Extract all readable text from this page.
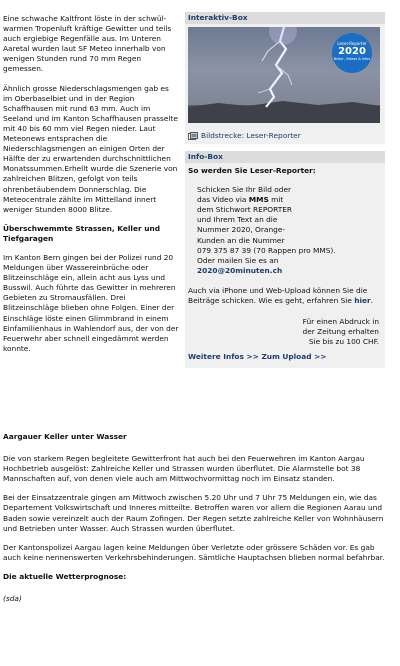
Eine schwache Kaltfront löste in der schwül-warmen Tropenluft kräftige Gewitter und teils auch ergiebige Regenfälle aus. Im Unteren Aaretal wurden laut SF Meteo innerhalb von wenigen Stunden rund 70 mm Regen gemessen.

Ähnlich grosse Niederschlagsmengen gab es im Oberbaselbiet und in der Region Schaffhausen mit rund 63 mm. Auch im Seeland und im Kanton Schaffhausen prasselte mit 40 bis 60 mm viel Regen nieder. Laut Meteonews entsprachen die Niederschlagsmengen an einigen Orten der Hälfte der zu erwartenden durchschnittlichen Monatssummen.Erhellt wurde die Szenerie von zahlreichen Blitzen, gefolgt von teils ohrenbetäubendem Donnerschlag. Die Meteocentrale zählte im Mittelland innert weniger Stunden 8000 Blitze.

Überschwemmte Strassen, Keller und Tiefgaragen

Im Kanton Bern gingen bei der Polizei rund 20 Meldungen über Wassereinbrüche oder Blitzeinschläge ein, allein acht aus Lyss und Busswil. Auch führte das Gewitter in mehreren Gebieten zu Stromausfällen. Drei Blitzeinschläge blieben ohne Folgen. Einer der Einschläge löste einen Glimmbrand in einem Einfamilienhaus in Wahlendorf aus, der von der Feuerwehr aber schnell eingedämmt werden konnte.

Interaktiv-Box
Leser-Reporter
2020
Bilder, Videos & Infos
Bildstrecke: Leser-Reporter
Info-Box

So werden Sie Leser-Reporter:

Schicken Sie Ihr Bild oder

das Video via MMS mit

dem Stichwort REPORTER

und Ihrem Text an die

Nummer 2020, Orange-

Kunden an die Nummer

079 375 87 39 (70 Rappen pro MMS).

Oder mailen Sie es an

2020@20minuten.ch

Auch via iPhone und Web-Upload können Sie die Beiträge schicken. Wie es geht, erfahren Sie hier.

Für einen Abdruck in

der Zeitung erhalten

Sie bis zu 100 CHF.

Weitere Infos >> Zum Upload >>

Aargauer Keller unter Wasser

Die von starkem Regen begleitete Gewitterfront hat auch bei den Feuerwehren im Kanton Aargau Hochbetrieb ausgelöst: Zahlreiche Keller und Strassen wurden überflutet. Die Alarmstelle bot 38 Mannschaften auf, von denen viele auch am Mittwochvormittag noch im Einsatz standen.

Bei der Einsatzzentrale gingen am Mittwoch zwischen 5.20 Uhr und 7 Uhr 75 Meldungen ein, wie das Departement Volkswirtschaft und Inneres mitteilte. Betroffen waren vor allem die Regionen Aarau und Baden sowie vereinzelt auch der Raum Zofingen. Der Regen setzte zahlreiche Keller von Wohnhäusern und Betrieben unter Wasser. Auch Strassen wurden überflutet.

Der Kantonspolizei Aargau lagen keine Meldungen über Verletzte oder grössere Schäden vor. Es gab auch keine nennenswerten Verkehrsbehinderungen. Sämtliche Hauptachsen blieben normal befahrbar.

Die aktuelle Wetterprognose:

(sda)
